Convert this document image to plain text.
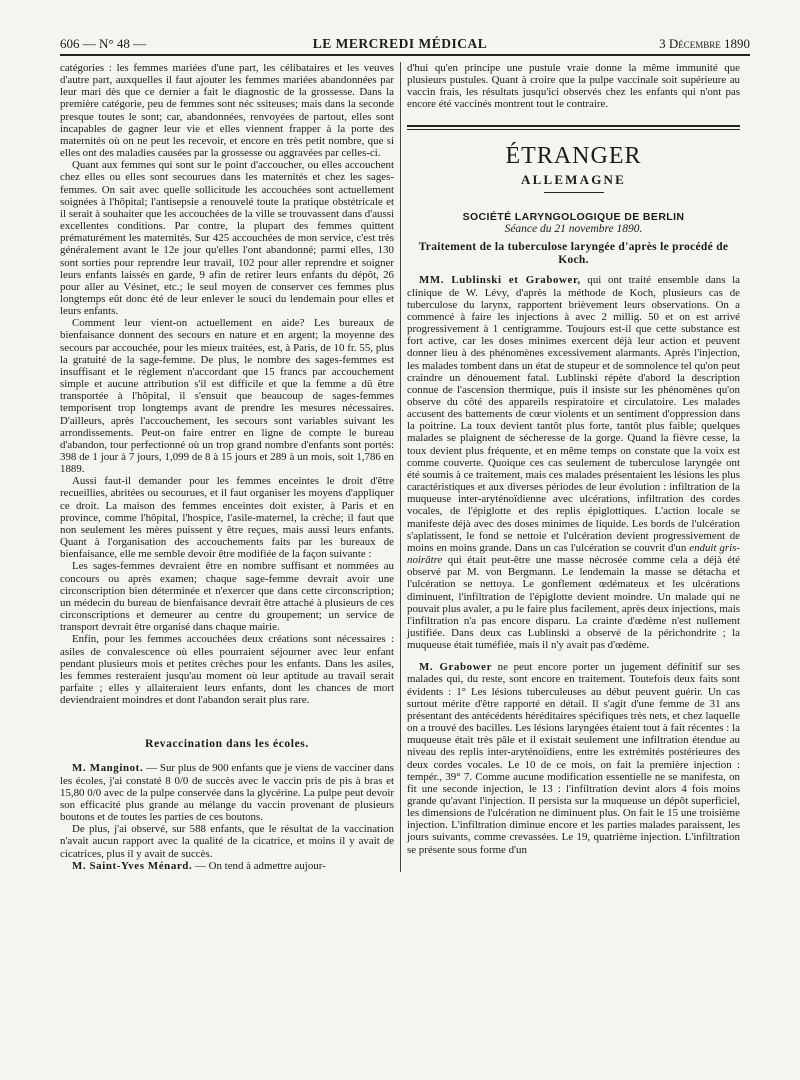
606 — N° 48 —	LE MERCREDI MÉDICAL	3 Décembre 1890

catégories : les femmes mariées d'une part, les célibataires et les veuves d'autre part, auxquelles il faut ajouter les femmes mariées abandonnées par leur mari dès que ce dernier a fait le diagnostic de la grossesse. Dans la première catégorie, peu de femmes sont néc ssiteuses; mais dans la seconde presque toutes le sont; car, abandonnées, renvoyées de partout, elles sont incapables de gagner leur vie et elles viennent frapper à la porte des maternités où on ne peut les recevoir, et encore en très petit nombre, que si elles ont des maladies causées par la grossesse ou aggravées par celles-ci.

Quant aux femmes qui sont sur le point d'accoucher, ou elles accouchent chez elles ou elles sont secourues dans les maternités et chez les sages-femmes. On sait avec quelle sollicitude les accouchées sont actuellement soignées à l'hôpital; l'antisepsie a renouvelé toute la pratique obstétricale et il serait à souhaiter que les accouchées de la ville se trouvassent dans d'aussi excellentes conditions. Par contre, la plupart des femmes quittent prématurément les maternités. Sur 425 accouchées de mon service, c'est très généralement avant le 12e jour qu'elles l'ont abandonné; parmi elles, 130 sont sorties pour reprendre leur travail, 102 pour aller reprendre et soigner leurs enfants laissés en garde, 9 afin de retirer leurs enfants du dépôt, 26 pour aller au Vésinet, etc.; le seul moyen de conserver ces femmes plus longtemps eût donc été de leur enlever le souci du lendemain pour elles et leurs enfants.

Comment leur vient-on actuellement en aide? Les bureaux de bienfaisance donnent des secours en nature et en argent; la moyenne des secours par accouchée, pour les mieux traitées, est, à Paris, de 10 fr. 55, plus la gratuité de la sage-femme. De plus, le nombre des sages-femmes est insuffisant et le règlement n'accordant que 15 francs par accouchement simple et aucune attribution s'il est difficile et que la femme a dû être transportée à l'hôpital, il s'ensuit que beaucoup de sages-femmes temporisent trop longtemps avant de prendre les mesures nécessaires. D'ailleurs, après l'accouchement, les secours sont variables suivant les arrondissements. Peut-on faire entrer en ligne de compte le bureau d'abandon, tour perfectionné où un trop grand nombre d'enfants sont portés: 398 de 1 jour à 7 jours, 1,099 de 8 à 15 jours et 289 à un mois, soit 1,786 en 1889.

Aussi faut-il demander pour les femmes enceintes le droit d'être recueillies, abritées ou secourues, et il faut organiser les moyens d'appliquer ce droit. La maison des femmes enceintes doit exister, à Paris et en province, comme l'hôpital, l'hospice, l'asile-maternel, la crèche; il faut que non seulement les mères puissent y être reçues, mais aussi leurs enfants. Quant à l'organisation des accouchements faits par les bureaux de bienfaisance, elle me semble devoir être modifiée de la façon suivante :

Les sages-femmes devraient être en nombre suffisant et nommées au concours ou après examen; chaque sage-femme devrait avoir une circonscription bien déterminée et n'exercer que dans cette circonscription; un médecin du bureau de bienfaisance devrait être attaché à plusieurs de ces circonscriptions et demeurer au centre du groupement; un service de transport devrait être organisé dans chaque mairie.

Enfin, pour les femmes accouchées deux créations sont nécessaires : asiles de convalescence où elles pourraient séjourner avec leur enfant pendant plusieurs mois et petites crèches pour les enfants. Dans les asiles, les femmes resteraient jusqu'au moment où leur aptitude au travail serait parfaite ; elles y allaiteraient leurs enfants, dont les chances de mort deviendraient moindres et dont l'abandon serait plus rare.

Revaccination dans les écoles.

M. Manginot. — Sur plus de 900 enfants que je viens de vacciner dans les écoles, j'ai constaté 8 0/0 de succès avec le vaccin pris de pis à bras et 15,80 0/0 avec de la pulpe conservée dans la glycérine. La pulpe peut devoir son efficacité plus grande au mélange du vaccin provenant de plusieurs boutons et de toutes les parties de ces boutons.

De plus, j'ai observé, sur 588 enfants, que le résultat de la vaccination n'avait aucun rapport avec la qualité de la cicatrice, et moins il y avait de cicatrices, plus il y avait de succès.

M. Saint-Yves Ménard. — On tend à admettre aujour-

d'hui qu'en principe une pustule vraie donne la même immunité que plusieurs pustules. Quant à croire que la pulpe vaccinale soit supérieure au vaccin frais, les résultats jusqu'ici observés chez les enfants qui n'ont pas encore été vaccinés montrent tout le contraire.

ÉTRANGER
ALLEMAGNE
SOCIÉTÉ LARYNGOLOGIQUE DE BERLIN
Séance du 21 novembre 1890.
Traitement de la tuberculose laryngée d'après le procédé de Koch.

MM. Lublinski et Grabower, qui ont traité ensemble dans la clinique de W. Lévy, d'après la méthode de Koch, plusieurs cas de tuberculose du larynx, rapportent brièvement leurs observations. On a commencé à faire les injections à avec 2 millig. 50 et on est arrivé progressivement à 1 centigramme. Toujours est-il que cette substance est fort active, car les doses minimes exercent déjà leur action et peuvent donner lieu à des phénomènes excessivement alarmants. Après l'injection, les malades tombent dans un état de stupeur et de somnolence tel qu'on peut craindre un dénouement fatal. Lublinski répète d'abord la description connue de l'ascension thermique, puis il insiste sur les phénomènes qu'on observe du côté des appareils respiratoire et circulatoire. Les malades accusent des battements de cœur violents et un sentiment d'oppression dans la poitrine. La toux devient tantôt plus forte, tantôt plus faible; quelques malades se plaignent de sécheresse de la gorge. Quand la fièvre cesse, la toux devient plus fréquente, et en même temps on constate que la voix est comme couverte. Quoique ces cas seulement de tuberculose laryngée ont été soumis à ce traitement, mais ces malades présentaient les lésions les plus caractéristiques et aux diverses périodes de leur évolution : infiltration de la muqueuse inter-aryténoïdienne avec ulcérations, infiltration des cordes vocales, de l'épiglotte et des replis épiglottiques. L'action locale se manifeste déjà avec des doses minimes de liquide. Les bords de l'ulcération s'aplatissent, le fond se nettoie et l'ulcération devient progressivement de moins en moins grande. Dans un cas l'ulcération se couvrit d'un enduit gris-noirâtre qui était peut-être une masse nécrosée comme cela a déjà été observé par M. von Bergmann. Le lendemain la masse se détacha et l'ulcération se nettoya. Le gonflement œdémateux et les ulcérations diminuent, l'infiltration de l'épiglotte devient moindre. Un malade qui ne pouvait plus avaler, a pu le faire plus facilement, après deux injections, mais l'infiltration n'a pas encore disparu. La crainte d'œdème n'est nullement justifiée. Dans deux cas Lublinski a observé de la périchondrite ; la muqueuse était tuméfiée, mais il n'y avait pas d'œdème.

M. Grabower ne peut encore porter un jugement définitif sur ses malades qui, du reste, sont encore en traitement. Toutefois deux faits sont évidents : 1° Les lésions tuberculeuses au début peuvent guérir. Un cas surtout mérite d'être rapporté en détail. Il s'agit d'une femme de 31 ans présentant des antécédents héréditaires spécifiques très nets, et chez laquelle on a trouvé des bacilles. Les lésions laryngées étaient tout à fait récentes : la muqueuse était très pâle et il existait seulement une infiltration étendue au niveau des replis inter-aryténoïdiens, entre les extrémités postérieures des deux cordes vocales. Le 10 de ce mois, on fait la première injection : tempér., 39° 7. Comme aucune modification essentielle ne se manifesta, on fit une seconde injection, le 13 : l'infiltration devint alors 4 fois moins grande qu'avant l'injection. Il persista sur la muqueuse un dépôt superficiel, les dimensions de l'ulcération ne diminuent plus. On fait le 15 une troisième injection. L'infiltration diminue encore et les parties malades paraissent, les jours suivants, comme crevassées. Le 19, quatrième injection. L'infiltration se présente sous forme d'un
